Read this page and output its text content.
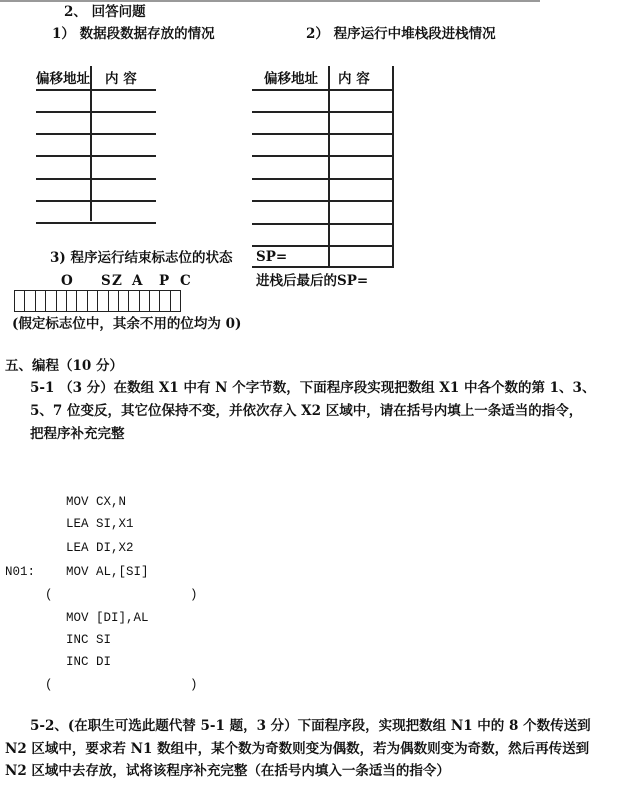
2、 回答问题
1） 数据段数据存放的情况	2） 程序运行中堆栈段进栈情况
偏移地址 内 容	偏移地址 内 容
SP=
进栈后最后的SP=
3) 程序运行结束标志位的状态
O S Z A P C
(假定标志位中，其余不用的位均为 0)
五、编程（10 分）
5-1 （3 分）在数组 X1 中有 N 个字节数，下面程序段实现把数组 X1 中各个数的第 1、3、
5、7 位变反，其它位保持不变，并依次存入 X2 区域中，请在括号内填上一条适当的指令，
把程序补充完整
MOV CX,N
LEA SI,X1
LEA DI,X2
N01: MOV AL,[SI]
(	)
MOV [DI],AL
INC SI
INC DI
(	)
5-2、(在职生可选此题代替 5-1 题，3 分）下面程序段，实现把数组 N1 中的 8 个数传送到
N2 区域中，要求若 N1 数组中，某个数为奇数则变为偶数，若为偶数则变为奇数，然后再传送到
N2 区域中去存放，试将该程序补充完整（在括号内填入一条适当的指令）
